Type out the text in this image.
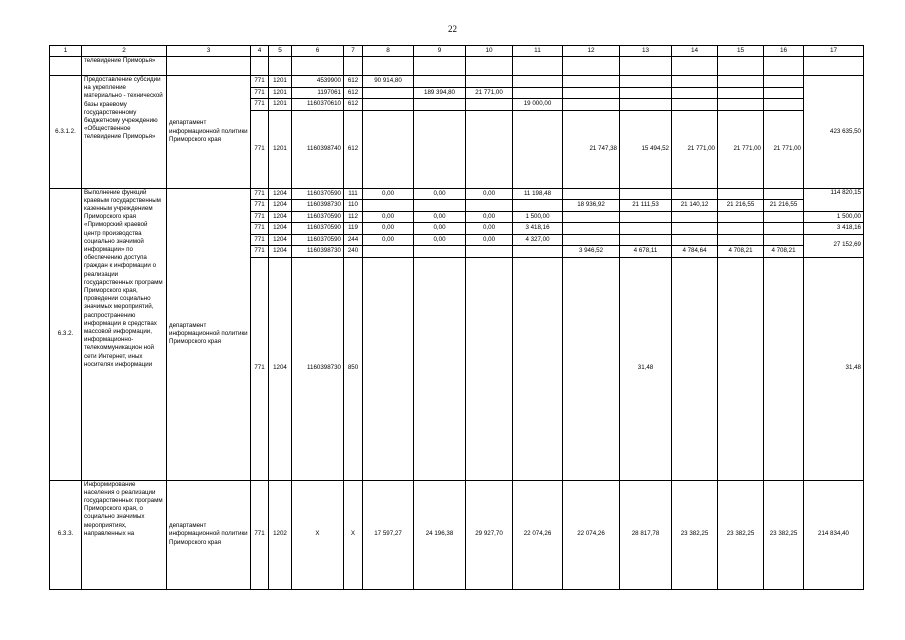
22
1	2	3	4	5	6	7	8	9	10	11	12	13	14	15	16	17
	телевидение Приморья»															
6.3.1.2.	Предоставление субсидии на укрепление материально - технической базы краевому государственному бюджетному учреждению «Общественное телевидение Приморья»	департамент информационной политики Приморского края	771	1201	4539900	612	90 914,80									423 635,50
			771	1201	1197061	612		189 394,80	21 771,00							
			771	1201	1160370610	612				19 000,00						
			771	1201	1160398740	612					21 747,38	15 494,52	21 771,00	21 771,00	21 771,00	
6.3.2.	Выполнение функций краевым государственным казенным учреждением Приморского края «Приморский краевой центр производства социально значимой информации» по обеспечению доступа граждан к информации о реализации государственных программ Приморского края, проведении социально значимых мероприятий, распространению информации в средствах массовой информации, информационно-телекоммуникацион ной сети Интернет, иных носителях информации	департамент информационной политики Приморского края	771	1204	1160370590	111	0,00	0,00	0,00	11 198,48						114 820,15
			771	1204	1160398730	110					18 936,92	21 111,53	21 140,12	21 216,55	21 216,55	
			771	1204	1160370590	112	0,00	0,00	0,00	1 500,00						1 500,00
			771	1204	1160370590	119	0,00	0,00	0,00	3 418,16						3 418,16
			771	1204	1160370590	244	0,00	0,00	0,00	4 327,00						27 152,69
			771	1204	1160398730	240					3 946,52	4 678,11	4 784,64	4 708,21	4 708,21	
			771	1204	1160398730	850						31,48				31,48
6.3.3.	Информирование населения о реализации государственных программ Приморского края, о социально значимых мероприятиях, направленных на	департамент информационной политики Приморского края	771	1202	Х	Х	17 597,27	24 196,38	29 927,70	22 074,26	22 074,26	28 817,78	23 382,25	23 382,25	23 382,25	214 834,40
